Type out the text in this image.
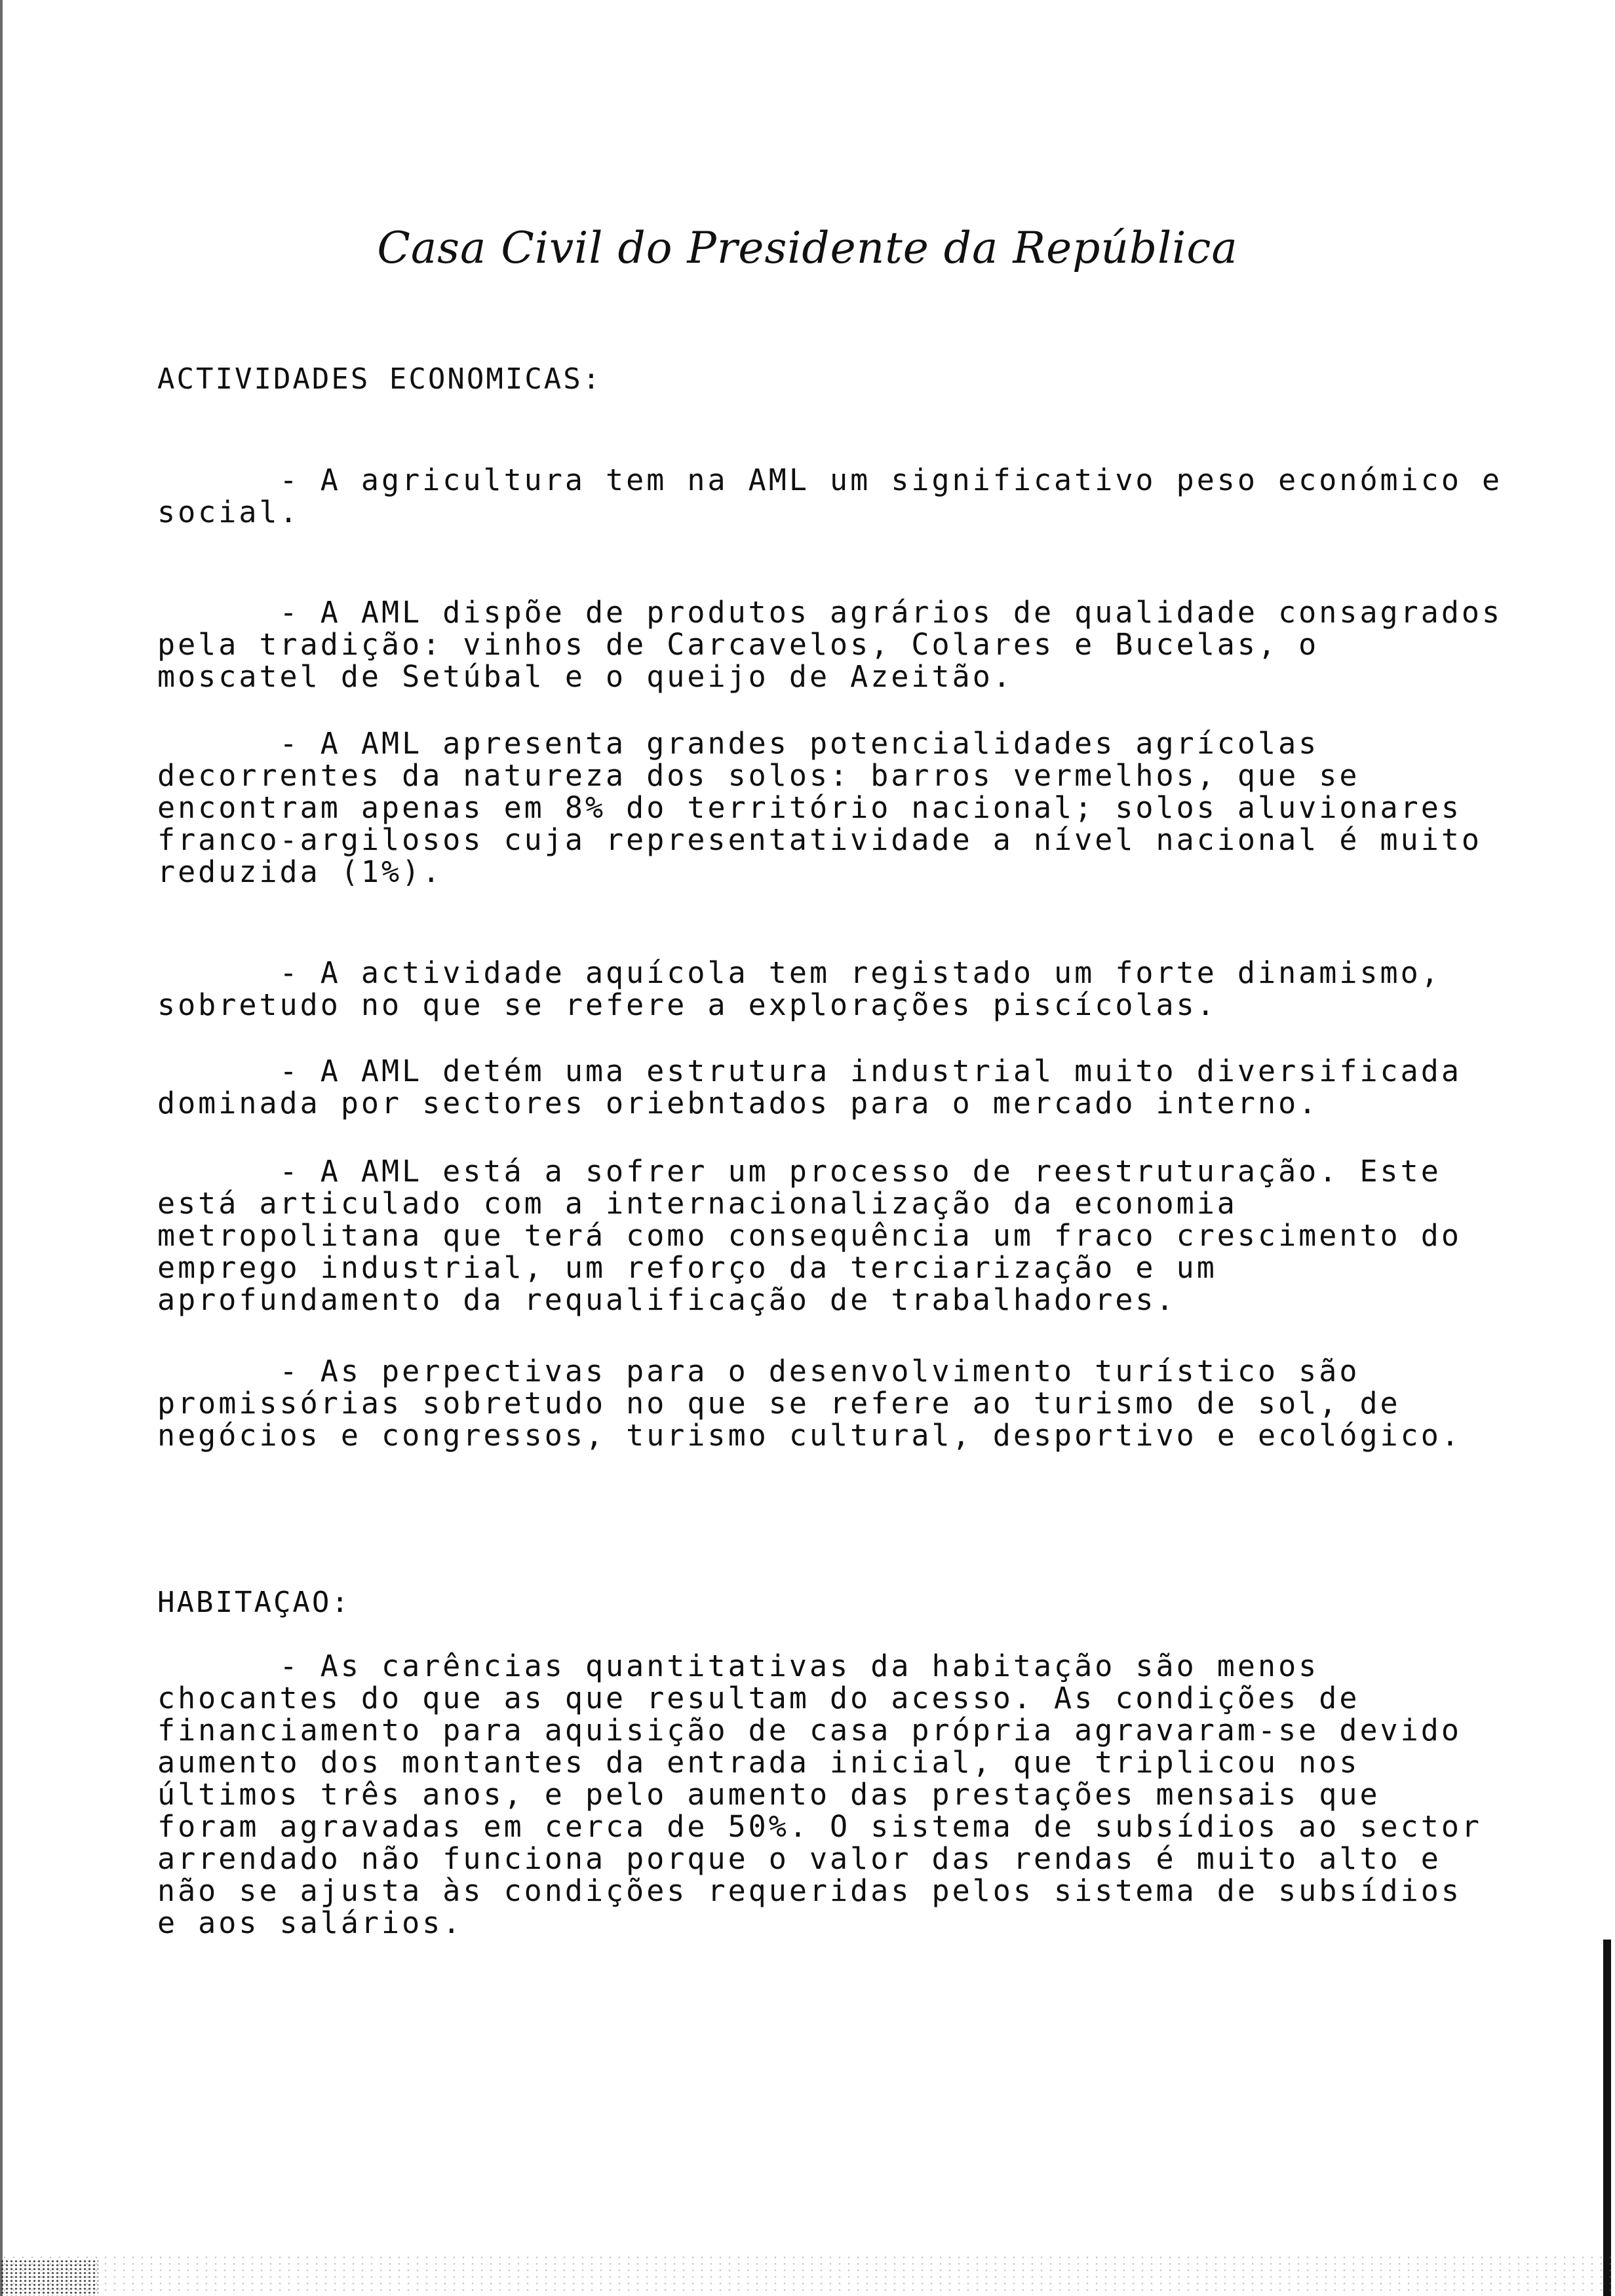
Casa Civil do Presidente da República

ACTIVIDADES ECONOMICAS:

- A agricultura tem na AML um significativo peso económico e
social.

- A AML dispõe de produtos agrários de qualidade consagrados
pela tradição: vinhos de Carcavelos, Colares e Bucelas, o
moscatel de Setúbal e o queijo de Azeitão.

- A AML apresenta grandes potencialidades agrícolas
decorrentes da natureza dos solos: barros vermelhos, que se
encontram apenas em 8% do território nacional; solos aluvionares
franco-argilosos cuja representatividade a nível nacional é muito
reduzida (1%).

- A actividade aquícola tem registado um forte dinamismo,
sobretudo no que se refere a explorações piscícolas.

- A AML detém uma estrutura industrial muito diversificada
dominada por sectores oriebntados para o mercado interno.

- A AML está a sofrer um processo de reestruturação. Este
está articulado com a internacionalização da economia
metropolitana que terá como consequência um fraco crescimento do
emprego industrial, um reforço da terciarização e um
aprofundamento da requalificação de trabalhadores.

- As perpectivas para o desenvolvimento turístico são
promissórias sobretudo no que se refere ao turismo de sol, de
negócios e congressos, turismo cultural, desportivo e ecológico.

HABITAÇAO:

- As carências quantitativas da habitação são menos
chocantes do que as que resultam do acesso. As condições de
financiamento para aquisição de casa própria agravaram-se devido
aumento dos montantes da entrada inicial, que triplicou nos
últimos três anos, e pelo aumento das prestações mensais que
foram agravadas em cerca de 50%. O sistema de subsídios ao sector
arrendado não funciona porque o valor das rendas é muito alto e
não se ajusta às condições requeridas pelos sistema de subsídios
e aos salários.
